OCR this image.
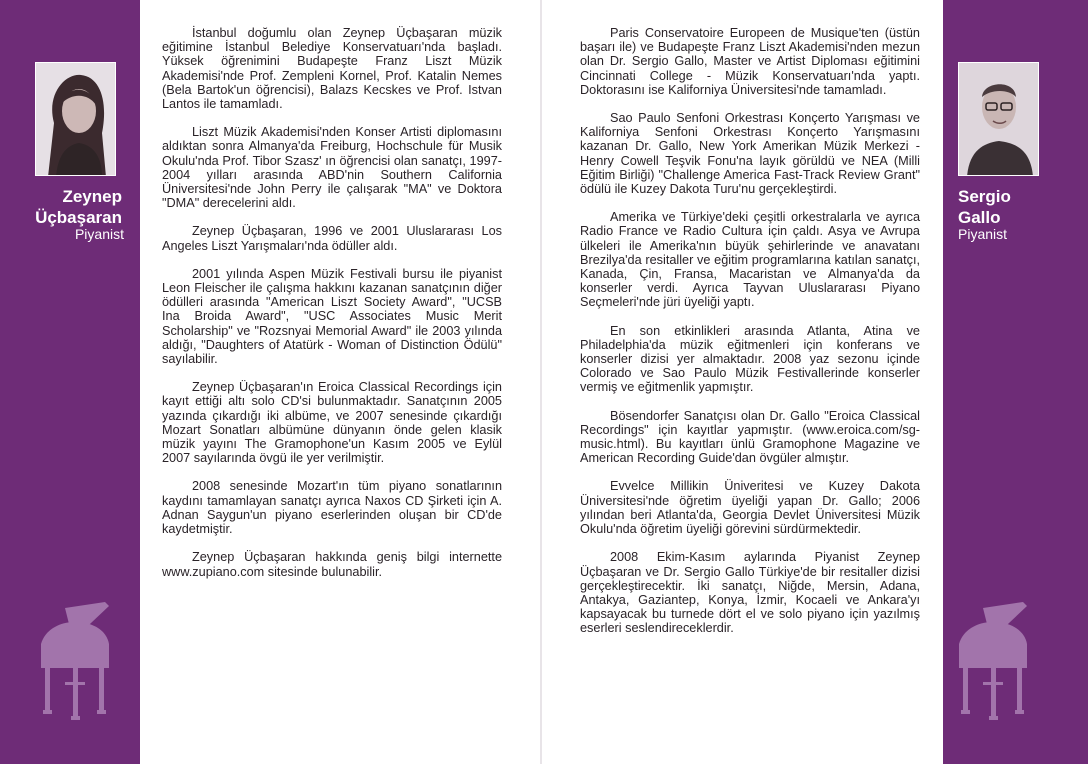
Zeynep
Üçbaşaran
Piyanist

İstanbul doğumlu olan Zeynep Üçbaşaran müzik eğitimine İstanbul Belediye Konservatuarı'nda başladı. Yüksek öğrenimini Budapeşte Franz Liszt Müzik Akademisi'nde Prof. Zempleni Kornel, Prof. Katalin Nemes (Bela Bartok'un öğrencisi), Balazs Kecskes ve Prof. Istvan Lantos ile tamamladı.

Liszt Müzik Akademisi'nden Konser Artisti diplomasını aldıktan sonra Almanya'da Freiburg, Hochschule für Musik Okulu'nda Prof. Tibor Szasz' ın öğrencisi olan sanatçı, 1997-2004 yılları arasında ABD'nin Southern California Üniversitesi'nde John Perry ile çalışarak "MA" ve Doktora "DMA" derecelerini aldı.

Zeynep Üçbaşaran, 1996 ve 2001 Uluslararası Los Angeles Liszt Yarışmaları'nda ödüller aldı.

2001 yılında Aspen Müzik Festivali bursu ile piyanist Leon Fleischer ile çalışma hakkını kazanan sanatçının diğer ödülleri arasında "American Liszt Society Award", "UCSB Ina Broida Award", "USC Associates Music Merit Scholarship" ve "Rozsnyai Memorial Award" ile 2003 yılında aldığı, "Daughters of Atatürk - Woman of Distinction Ödülü" sayılabilir.

Zeynep Üçbaşaran'ın Eroica Classical Recordings için kayıt ettiği altı solo CD'si bulunmaktadır. Sanatçının 2005 yazında çıkardığı iki albüme, ve 2007 senesinde çıkardığı Mozart Sonatları albümüne dünyanın önde gelen klasik müzik yayını The Gramophone'un Kasım 2005 ve Eylül 2007 sayılarında övgü ile yer verilmiştir.

2008 senesinde Mozart'ın tüm piyano sonatlarının kaydını tamamlayan sanatçı ayrıca Naxos CD Şirketi için A. Adnan Saygun'un piyano eserlerinden oluşan bir CD'de kaydetmiştir.

Zeynep Üçbaşaran hakkında geniş bilgi internette www.zupiano.com sitesinde bulunabilir.

Paris Conservatoire Europeen de Musique'ten (üstün başarı ile) ve Budapeşte Franz Liszt Akademisi'nden mezun olan Dr. Sergio Gallo, Master ve Artist Diploması eğitimini Cincinnati College - Müzik Konservatuarı'nda yaptı. Doktorasını ise Kaliforniya Üniversitesi'nde tamamladı.

Sao Paulo Senfoni Orkestrası Konçerto Yarışması ve Kaliforniya Senfoni Orkestrası Konçerto Yarışmasını kazanan Dr. Gallo, New York Amerikan Müzik Merkezi - Henry Cowell Teşvik Fonu'na layık görüldü ve NEA (Milli Eğitim Birliği) "Challenge America Fast-Track Review Grant" ödülü ile Kuzey Dakota Turu'nu gerçekleştirdi.

Amerika ve Türkiye'deki çeşitli orkestralarla ve ayrıca Radio France ve Radio Cultura için çaldı. Asya ve Avrupa ülkeleri ile Amerika'nın büyük şehirlerinde ve anavatanı Brezilya'da resitaller ve eğitim programlarına katılan sanatçı, Kanada, Çin, Fransa, Macaristan ve Almanya'da da konserler verdi. Ayrıca Tayvan Uluslararası Piyano Seçmeleri'nde jüri üyeliği yaptı.

En son etkinlikleri arasında Atlanta, Atina ve Philadelphia'da müzik eğitmenleri için konferans ve konserler dizisi yer almaktadır. 2008 yaz sezonu içinde Colorado ve Sao Paulo Müzik Festivallerinde konserler vermiş ve eğitmenlik yapmıştır.

Bösendorfer Sanatçısı olan Dr. Gallo "Eroica Classical Recordings" için kayıtlar yapmıştır. (www.eroica.com/sg-music.html). Bu kayıtları ünlü Gramophone Magazine ve American Recording Guide'dan övgüler almıştır.

Evvelce Millikin Üniveritesi ve Kuzey Dakota Üniversitesi'nde öğretim üyeliği yapan Dr. Gallo; 2006 yılından beri Atlanta'da, Georgia Devlet Üniversitesi Müzik Okulu'nda öğretim üyeliği görevini sürdürmektedir.

2008 Ekim-Kasım aylarında Piyanist Zeynep Üçbaşaran ve Dr. Sergio Gallo Türkiye'de bir resitaller dizisi gerçekleştirecektir. İki sanatçı, Niğde, Mersin, Adana, Antakya, Gaziantep, Konya, İzmir, Kocaeli ve Ankara'yı kapsayacak bu turnede dört el ve solo piyano için yazılmış eserleri seslendireceklerdir.

Sergio
Gallo
Piyanist
